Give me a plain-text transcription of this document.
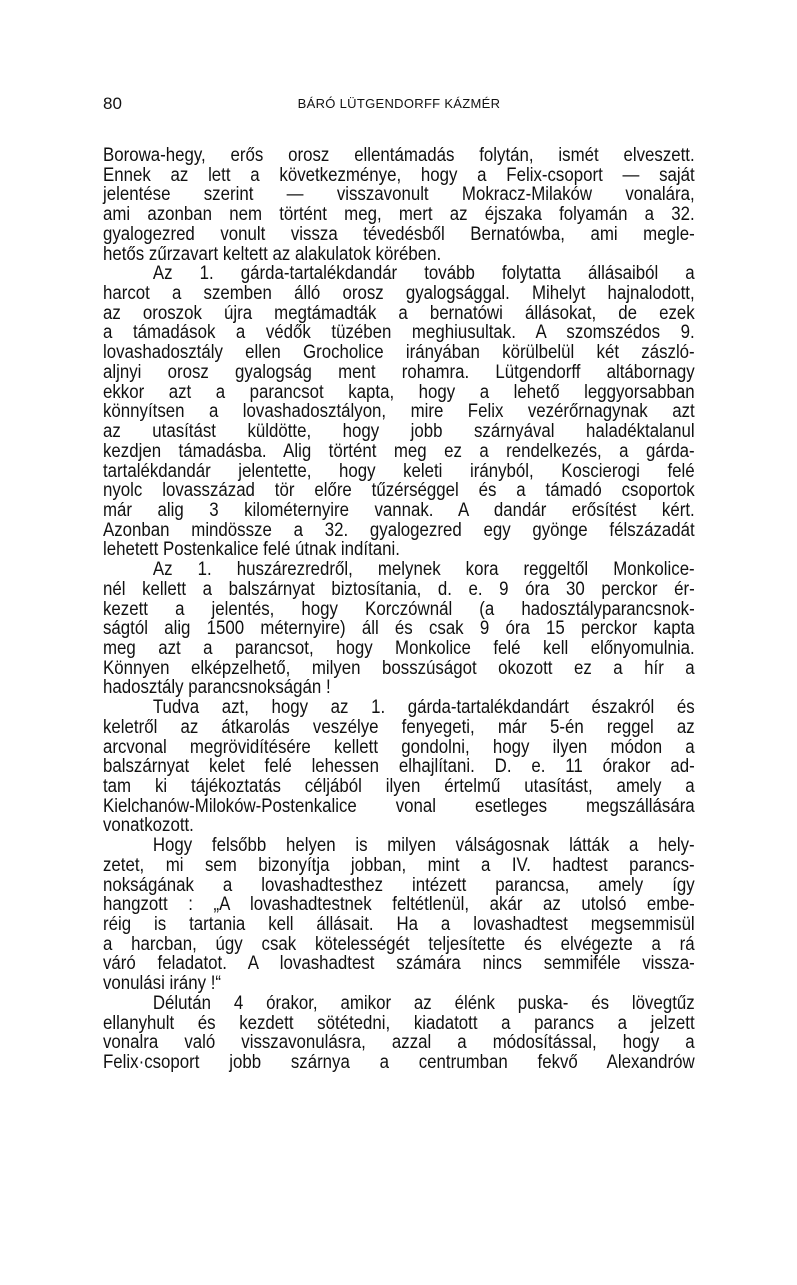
80	BÁRÓ LÜTGENDORFF KÁZMÉR
Borowa-hegy, erős orosz ellentámadás folytán, ismét elveszett.
Ennek az lett a következménye, hogy a Felix-csoport — saját
jelentése szerint — visszavonult Mokracz-Milaków vonalára,
ami azonban nem történt meg, mert az éjszaka folyamán a 32.
gyalogezred vonult vissza tévedésből Bernatówba, ami megle-
hetős zűrzavart keltett az alakulatok körében.
Az 1. gárda-tartalékdandár tovább folytatta állásaiból a
harcot a szemben álló orosz gyalogsággal. Mihelyt hajnalodott,
az oroszok újra megtámadták a bernatówi állásokat, de ezek
a támadások a védők tüzében meghiusultak. A szomszédos 9.
lovashadosztály ellen Grocholice irányában körülbelül két zászló-
aljnyi orosz gyalogság ment rohamra. Lütgendorff altábornagy
ekkor azt a parancsot kapta, hogy a lehető leggyorsabban
könnyítsen a lovashadosztályon, mire Felix vezérőrnagynak azt
az utasítást küldötte, hogy jobb szárnyával haladéktalanul
kezdjen támadásba. Alig történt meg ez a rendelkezés, a gárda-
tartalékdandár jelentette, hogy keleti irányból, Koscierogi felé
nyolc lovasszázad tör előre tűzérséggel és a támadó csoportok
már alig 3 kilométernyire vannak. A dandár erősítést kért.
Azonban mindössze a 32. gyalogezred egy gyönge félszázadát
lehetett Postenkalice felé útnak indítani.
Az 1. huszárezredről, melynek kora reggeltől Monkolice-
nél kellett a balszárnyat biztosítania, d. e. 9 óra 30 perckor ér-
kezett a jelentés, hogy Korczównál (a hadosztályparancsnok-
ságtól alig 1500 méternyire) áll és csak 9 óra 15 perckor kapta
meg azt a parancsot, hogy Monkolice felé kell előnyomulnia.
Könnyen elképzelhető, milyen bosszúságot okozott ez a hír a
hadosztály parancsnokságán !
Tudva azt, hogy az 1. gárda-tartalékdandárt északról és
keletről az átkarolás veszélye fenyegeti, már 5-én reggel az
arcvonal megrövidítésére kellett gondolni, hogy ilyen módon a
balszárnyat kelet felé lehessen elhajlítani. D. e. 11 órakor ad-
tam ki tájékoztatás céljából ilyen értelmű utasítást, amely a
Kielchanów-Miloków-Postenkalice vonal esetleges megszállására
vonatkozott.
Hogy felsőbb helyen is milyen válságosnak látták a hely-
zetet, mi sem bizonyítja jobban, mint a IV. hadtest parancs-
nokságának a lovashadtesthez intézett parancsa, amely így
hangzott : „A lovashadtestnek feltétlenül, akár az utolsó embe-
réig is tartania kell állásait. Ha a lovashadtest megsemmisül
a harcban, úgy csak kötelességét teljesítette és elvégezte a rá
váró feladatot. A lovashadtest számára nincs semmiféle vissza-
vonulási irány !“
Délután 4 órakor, amikor az élénk puska- és lövegtűz
ellanyhult és kezdett sötétedni, kiadatott a parancs a jelzett
vonalra való visszavonulásra, azzal a módosítással, hogy a
Felix·csoport jobb szárnya a centrumban fekvő Alexandrów
